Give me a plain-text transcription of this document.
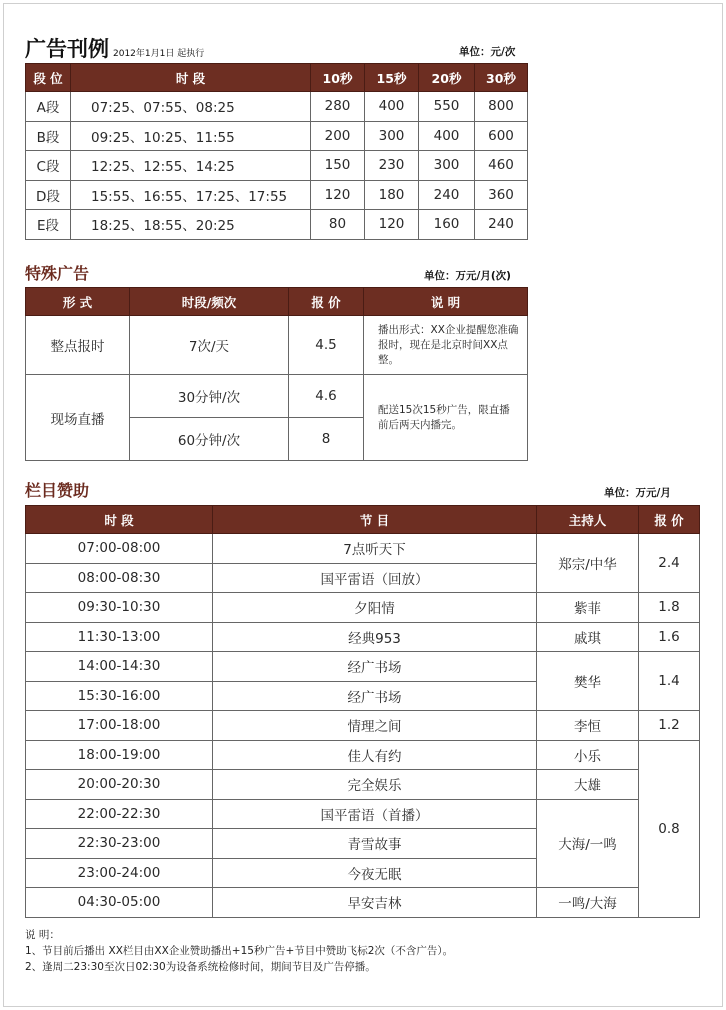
广告刊例 2012年1月1日 起执行	单位：元/次
段 位	时 段	10秒	15秒	20秒	30秒
A段	07:25、07:55、08:25	280	400	550	800
B段	09:25、10:25、11:55	200	300	400	600
C段	12:25、12:55、14:25	150	230	300	460
D段	15:55、16:55、17:25、17:55	120	180	240	360
E段	18:25、18:55、20:25	80	120	160	240
特殊广告	单位：万元/月(次)
形 式	时段/频次	报 价	说 明
整点报时	7次/天	4.5	播出形式：XX企业提醒您准确报时，现在是北京时间XX点整。
现场直播	30分钟/次	4.6	配送15次15秒广告，限直播前后两天内播完。
	60分钟/次	8	
栏目赞助	单位：万元/月
时 段	节 目	主持人	报 价
07:00-08:00	7点听天下	郑宗/中华	2.4
08:00-08:30	国平雷语（回放）		
09:30-10:30	夕阳情	紫菲	1.8
11:30-13:00	经典953	戚琪	1.6
14:00-14:30	经广书场	樊华	1.4
15:30-16:00	经广书场		
17:00-18:00	情理之间	李恒	1.2
18:00-19:00	佳人有约	小乐	0.8
20:00-20:30	完全娱乐	大雄	
22:00-22:30	国平雷语（首播）	大海/一鸣	
22:30-23:00	青雪故事		
23:00-24:00	今夜无眠		
04:30-05:00	早安吉林	一鸣/大海	
说 明：
1、节目前后播出 XX栏目由XX企业赞助播出+15秒广告+节目中赞助飞标2次（不含广告）。
2、逢周二23:30至次日02:30为设备系统检修时间，期间节目及广告停播。
